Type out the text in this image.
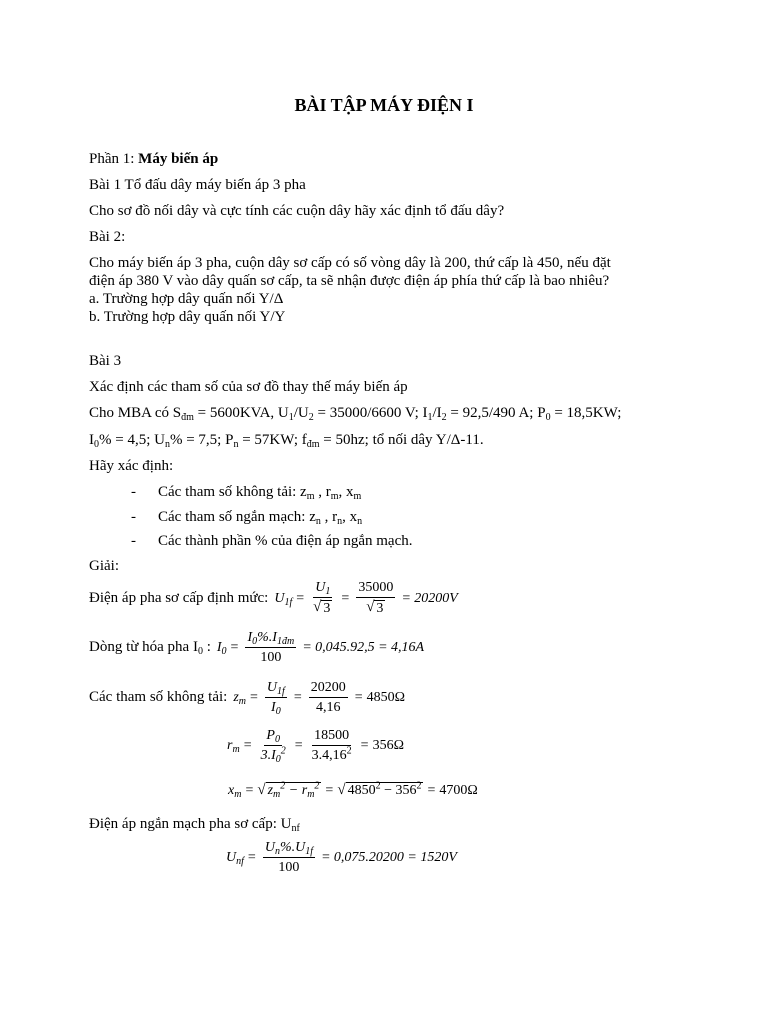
BÀI TẬP MÁY ĐIỆN I
Phần 1: Máy biến áp
Bài 1 Tổ đấu dây máy biến áp 3 pha
Cho sơ đồ nối dây và cực tính các cuộn dây hãy xác định tổ đấu dây?
Bài 2:
Cho máy biến áp 3 pha, cuộn dây sơ cấp có số vòng dây là 200, thứ cấp là 450, nếu đặt
điện áp 380 V vào dây quấn sơ cấp, ta sẽ nhận được điện áp phía thứ cấp là bao nhiêu?
a. Trường hợp dây quấn nối Y/Δ
b. Trường hợp dây quấn nối Y/Y
Bài 3
Xác định các tham số của sơ đồ thay thế máy biến áp
Cho MBA có $S_{đm} = 5600KVA$, $U_1/U_2 = 35000/6600$ V; $I_1/I_2 = 92,5/490$ A; $P_0 = 18,5KW$;
$I_0\% = 4,5$; $U_n\% = 7,5$; $P_n = 57KW$; $f_{đm} = 50hz$; tổ nối dây Y/Δ-11.
Hãy xác định:
- Các tham số không tải: $z_m$ , $r_m$, $x_m$
- Các tham số ngắn mạch: $z_n$ , $r_n$, $x_n$
- Các thành phần % của điện áp ngắn mạch.
Giải:
Điện áp pha sơ cấp định mức: $U_{1f} = \frac{U_1}{√ 3} = \frac{35000}{√ 3} = 20200V$
Dòng từ hóa pha $I_0$ : $I_0 = \frac{I_0\%.I_{1đm}}{100} = 0,045.92,5 = 4,16A$
Các tham số không tải: $z_m = \frac{U_{1f}}{I_0} = \frac{20200}{4,16} = 4850\Omega$
$r_m = \frac{P_0}{3.I_0^2} = \frac{18500}{3.4,16^2} = 356\Omega$
$x_m$ = √ $z_m^2 - r_m^2$ = √ $4850^2 - 356^2 = 4700\Omega$
Điện áp ngắn mạch pha sơ cấp: $U_{nf}$
$U_{nf} = \frac{U_n\%.U_{1f}}{100} = 0,075.20200 = 1520V$
